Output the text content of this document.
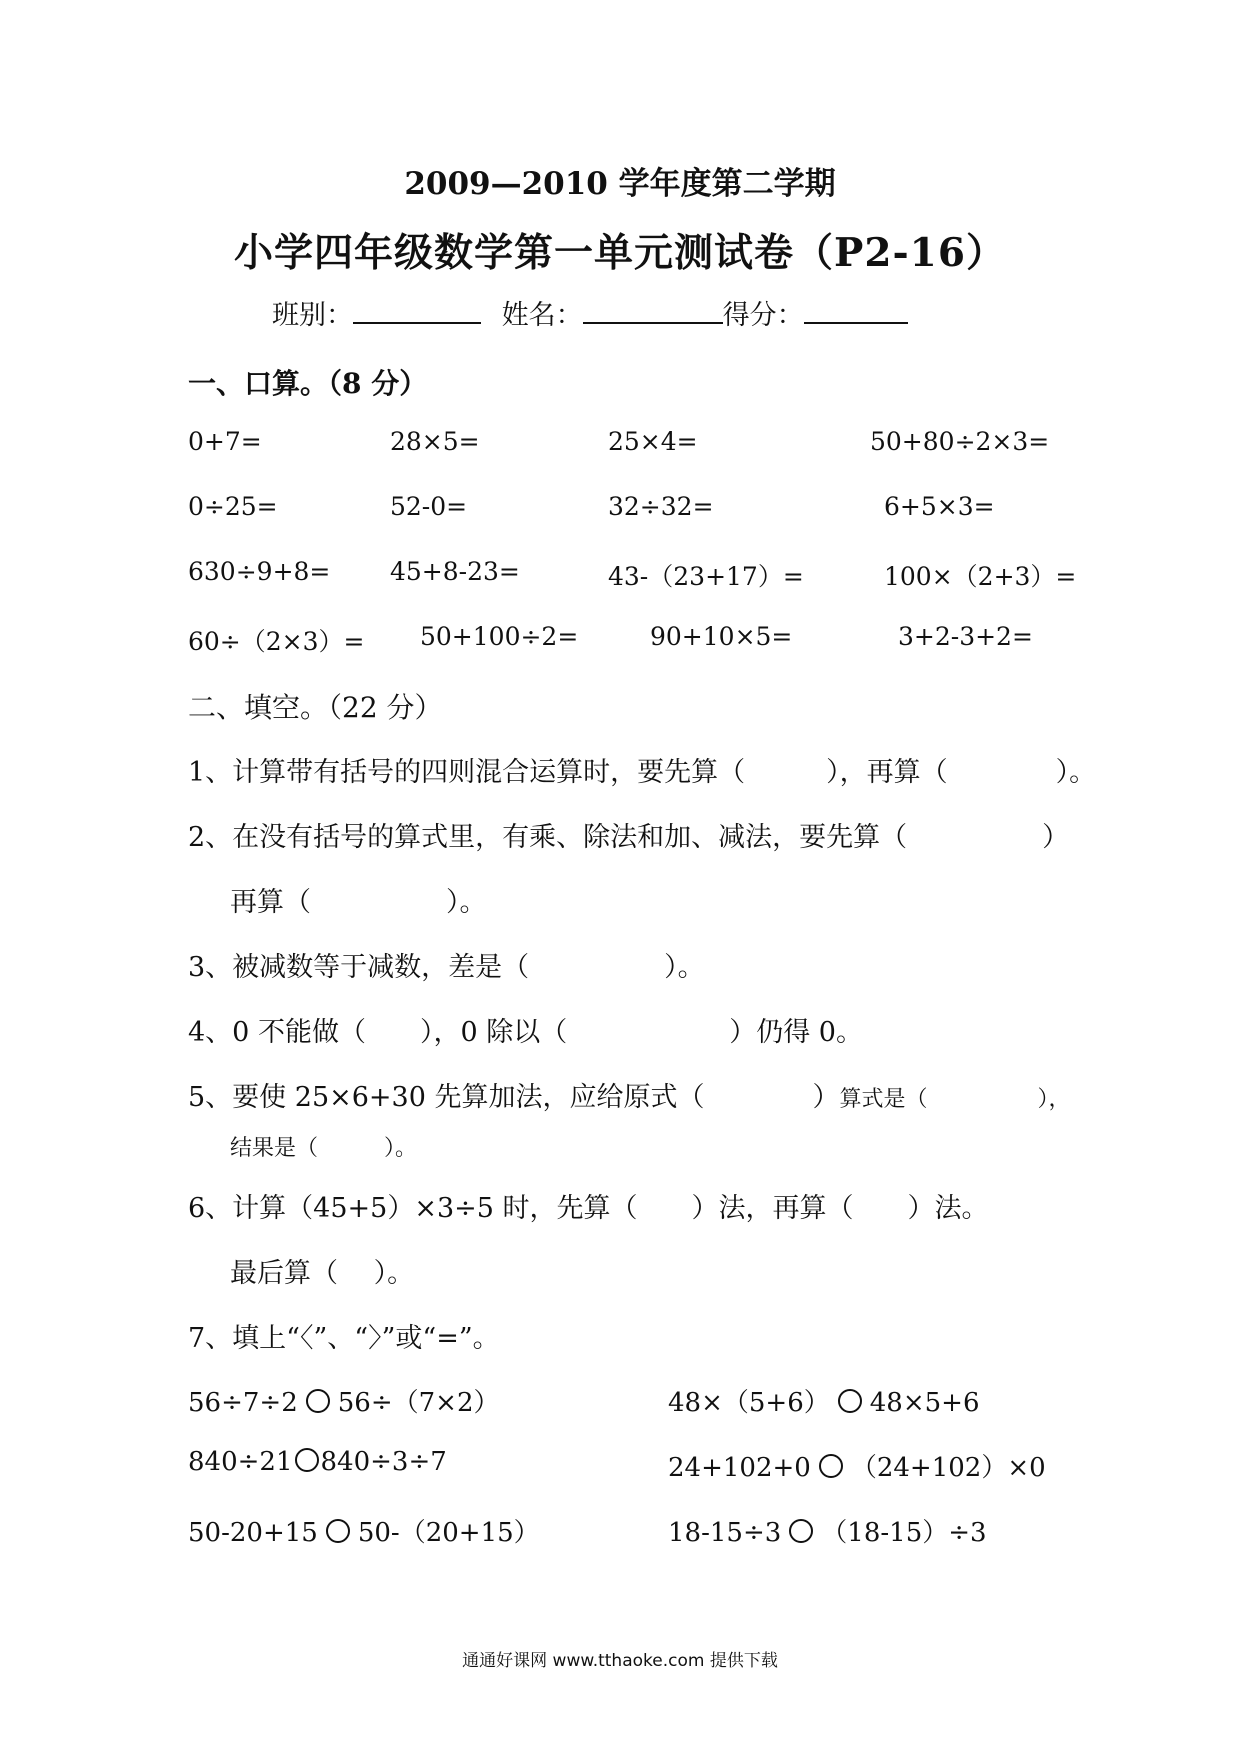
2009—2010 学年度第二学期
小学四年级数学第一单元测试卷（P2-16）
班别：	姓名：	得分：
一、口算。（8 分）
0+7=	28×5=	25×4=	50+80÷2×3=
0÷25=	52-0=	32÷32=	6+5×3=
630÷9+8= 45+8-23=	43-（23+17）=	100×（2+3）=
60÷（2×3）= 50+100÷2=	90+10×5=	3+2-3+2=
二、填空。（22 分）
1、计算带有括号的四则混合运算时，要先算（　　　），再算（　　　　）。
2、在没有括号的算式里，有乘、除法和加、减法，要先算（　　　　　）
再算（　　　　　）。
3、被减数等于减数，差是（　　　　　）。
4、0 不能做（　　），0 除以（　　　　　　）仍得 0。
5、要使 25×6+30 先算加法，应给原式（　　　　）算式是（　　　　　），
结果是（　　　）。
6、计算（45+5）×3÷5 时，先算（　　）法，再算（　　）法。
最后算（　 ）。
7、填上“〈”、“〉”或“=”。
56÷7÷2 56÷（7×2）	48×（5+6） 48×5+6
840÷21 840÷3÷7	24+102+0 （24+102）×0
50-20+15 50-（20+15）	18-15÷3 （18-15）÷3
通通好课网 www.tthaoke.com 提供下载
